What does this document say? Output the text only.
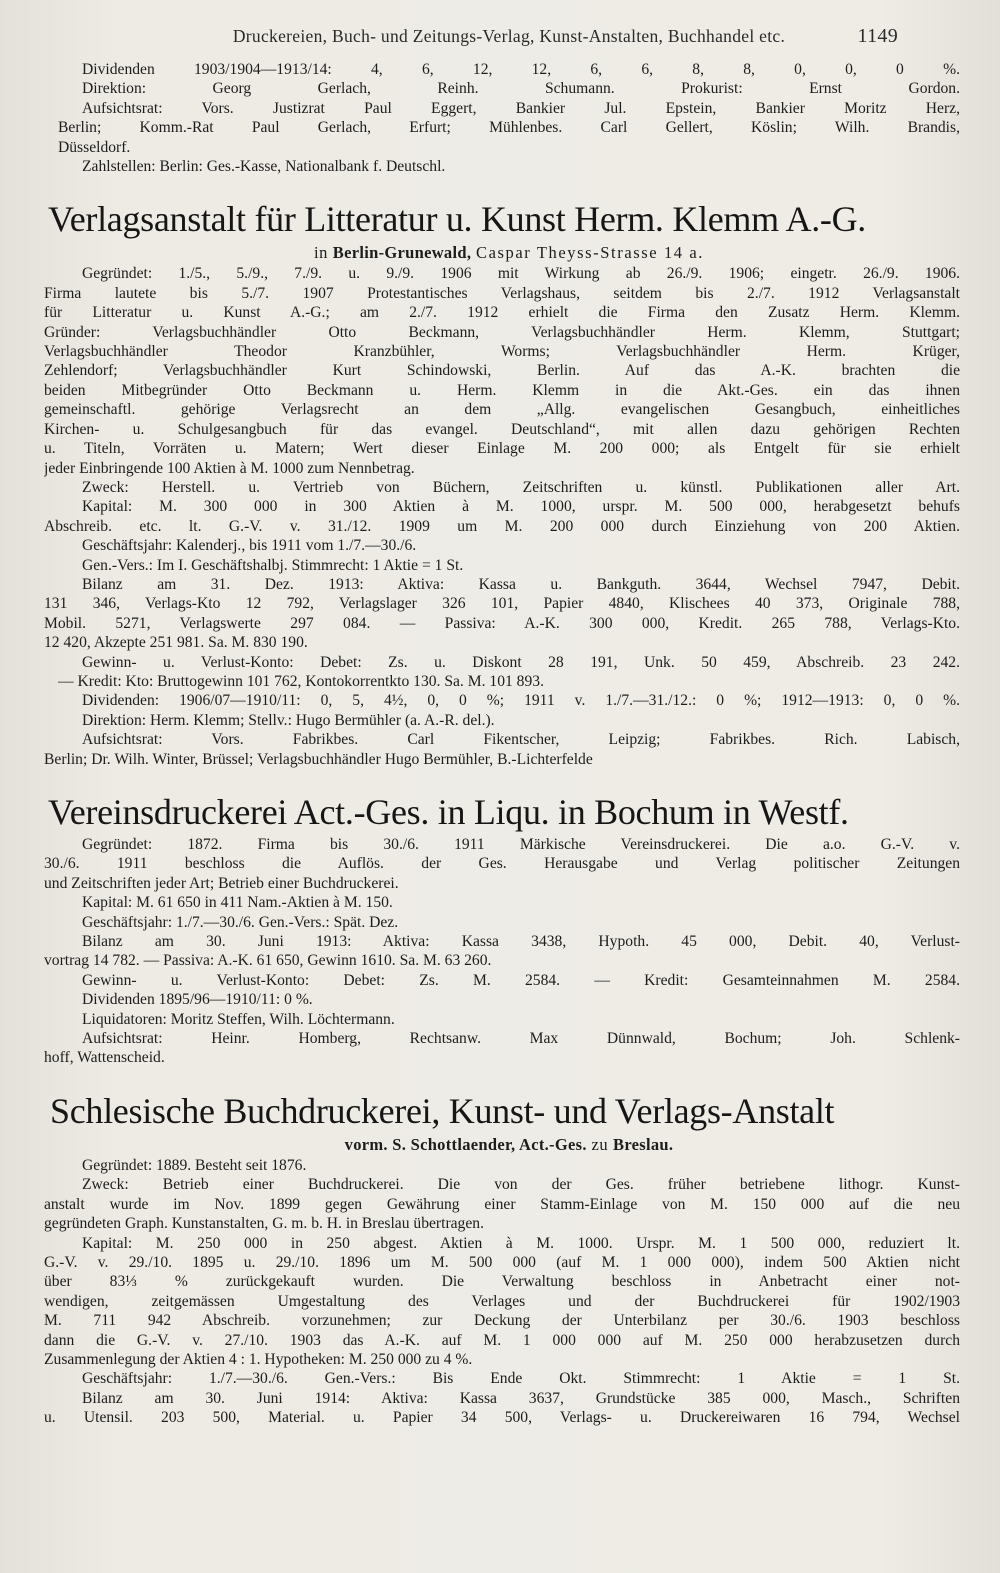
Druckereien, Buch- und Zeitungs-Verlag, Kunst-Anstalten, Buchhandel etc.	1149

Dividenden 1903/1904—1913/14: 4, 6, 12, 12, 6, 6, 8, 8, 0, 0, 0 %.

Direktion: Georg Gerlach, Reinh. Schumann. Prokurist: Ernst Gordon.

Aufsichtsrat: Vors. Justizrat Paul Eggert, Bankier Jul. Epstein, Bankier Moritz Herz,

Berlin; Komm.-Rat Paul Gerlach, Erfurt; Mühlenbes. Carl Gellert, Köslin; Wilh. Brandis,

Düsseldorf.

Zahlstellen: Berlin: Ges.-Kasse, Nationalbank f. Deutschl.

Verlagsanstalt für Litteratur u. Kunst Herm. Klemm A.-G.
in Berlin-Grunewald, Caspar Theyss-Strasse 14 a.

Gegründet: 1./5., 5./9., 7./9. u. 9./9. 1906 mit Wirkung ab 26./9. 1906; eingetr. 26./9. 1906.

Firma lautete bis 5./7. 1907 Protestantisches Verlagshaus, seitdem bis 2./7. 1912 Verlagsanstalt

für Litteratur u. Kunst A.-G.; am 2./7. 1912 erhielt die Firma den Zusatz Herm. Klemm.

Gründer: Verlagsbuchhändler Otto Beckmann, Verlagsbuchhändler Herm. Klemm, Stuttgart;

Verlagsbuchhändler Theodor Kranzbühler, Worms; Verlagsbuchhändler Herm. Krüger,

Zehlendorf; Verlagsbuchhändler Kurt Schindowski, Berlin. Auf das A.-K. brachten die

beiden Mitbegründer Otto Beckmann u. Herm. Klemm in die Akt.-Ges. ein das ihnen

gemeinschaftl. gehörige Verlagsrecht an dem „Allg. evangelischen Gesangbuch, einheitliches

Kirchen- u. Schulgesangbuch für das evangel. Deutschland“, mit allen dazu gehörigen Rechten

u. Titeln, Vorräten u. Matern; Wert dieser Einlage M. 200 000; als Entgelt für sie erhielt

jeder Einbringende 100 Aktien à M. 1000 zum Nennbetrag.

Zweck: Herstell. u. Vertrieb von Büchern, Zeitschriften u. künstl. Publikationen aller Art.

Kapital: M. 300 000 in 300 Aktien à M. 1000, urspr. M. 500 000, herabgesetzt behufs

Abschreib. etc. lt. G.-V. v. 31./12. 1909 um M. 200 000 durch Einziehung von 200 Aktien.

Geschäftsjahr: Kalenderj., bis 1911 vom 1./7.—30./6.

Gen.-Vers.: Im I. Geschäftshalbj. Stimmrecht: 1 Aktie = 1 St.

Bilanz am 31. Dez. 1913: Aktiva: Kassa u. Bankguth. 3644, Wechsel 7947, Debit.

131 346, Verlags-Kto 12 792, Verlagslager 326 101, Papier 4840, Klischees 40 373, Originale 788,

Mobil. 5271, Verlagswerte 297 084. — Passiva: A.-K. 300 000, Kredit. 265 788, Verlags-Kto.

12 420, Akzepte 251 981. Sa. M. 830 190.

Gewinn- u. Verlust-Konto: Debet: Zs. u. Diskont 28 191, Unk. 50 459, Abschreib. 23 242.

— Kredit: Kto: Bruttogewinn 101 762, Kontokorrentkto 130. Sa. M. 101 893.

Dividenden: 1906/07—1910/11: 0, 5, 4½, 0, 0 %; 1911 v. 1./7.—31./12.: 0 %; 1912—1913: 0, 0 %.

Direktion: Herm. Klemm; Stellv.: Hugo Bermühler (a. A.-R. del.).

Aufsichtsrat: Vors. Fabrikbes. Carl Fikentscher, Leipzig; Fabrikbes. Rich. Labisch,

Berlin; Dr. Wilh. Winter, Brüssel; Verlagsbuchhändler Hugo Bermühler, B.-Lichterfelde

Vereinsdruckerei Act.-Ges. in Liqu. in Bochum in Westf.

Gegründet: 1872. Firma bis 30./6. 1911 Märkische Vereinsdruckerei. Die a.o. G.-V. v.

30./6. 1911 beschloss die Auflös. der Ges. Herausgabe und Verlag politischer Zeitungen

und Zeitschriften jeder Art; Betrieb einer Buchdruckerei.

Kapital: M. 61 650 in 411 Nam.-Aktien à M. 150.

Geschäftsjahr: 1./7.—30./6. Gen.-Vers.: Spät. Dez.

Bilanz am 30. Juni 1913: Aktiva: Kassa 3438, Hypoth. 45 000, Debit. 40, Verlust-

vortrag 14 782. — Passiva: A.-K. 61 650, Gewinn 1610. Sa. M. 63 260.

Gewinn- u. Verlust-Konto: Debet: Zs. M. 2584. — Kredit: Gesamteinnahmen M. 2584.

Dividenden 1895/96—1910/11: 0 %.

Liquidatoren: Moritz Steffen, Wilh. Löchtermann.

Aufsichtsrat: Heinr. Homberg, Rechtsanw. Max Dünnwald, Bochum; Joh. Schlenk-

hoff, Wattenscheid.

Schlesische Buchdruckerei, Kunst- und Verlags-Anstalt
vorm. S. Schottlaender, Act.-Ges. zu Breslau.

Gegründet: 1889. Besteht seit 1876.

Zweck: Betrieb einer Buchdruckerei. Die von der Ges. früher betriebene lithogr. Kunst-

anstalt wurde im Nov. 1899 gegen Gewährung einer Stamm-Einlage von M. 150 000 auf die neu

gegründeten Graph. Kunstanstalten, G. m. b. H. in Breslau übertragen.

Kapital: M. 250 000 in 250 abgest. Aktien à M. 1000. Urspr. M. 1 500 000, reduziert lt.

G.-V. v. 29./10. 1895 u. 29./10. 1896 um M. 500 000 (auf M. 1 000 000), indem 500 Aktien nicht

über 83⅓ % zurückgekauft wurden. Die Verwaltung beschloss in Anbetracht einer not-

wendigen, zeitgemässen Umgestaltung des Verlages und der Buchdruckerei für 1902/1903

M. 711 942 Abschreib. vorzunehmen; zur Deckung der Unterbilanz per 30./6. 1903 beschloss

dann die G.-V. v. 27./10. 1903 das A.-K. auf M. 1 000 000 auf M. 250 000 herabzusetzen durch

Zusammenlegung der Aktien 4 : 1. Hypotheken: M. 250 000 zu 4 %.

Geschäftsjahr: 1./7.—30./6. Gen.-Vers.: Bis Ende Okt. Stimmrecht: 1 Aktie = 1 St.

Bilanz am 30. Juni 1914: Aktiva: Kassa 3637, Grundstücke 385 000, Masch., Schriften

u. Utensil. 203 500, Material. u. Papier 34 500, Verlags- u. Druckereiwaren 16 794, Wechsel
